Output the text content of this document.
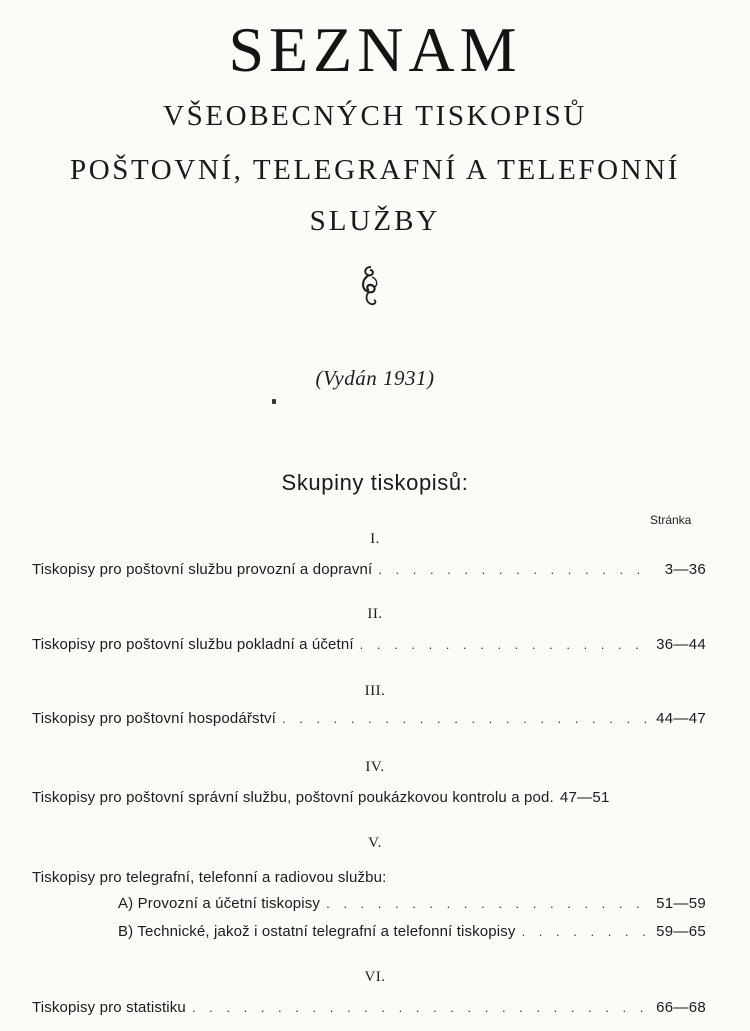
SEZNAM
VŠEOBECNÝCH TISKOPISŮ
POŠTOVNÍ, TELEGRAFNÍ A TELEFONNÍ
SLUŽBY
(Vydán 1931)
Skupiny tiskopisů:
Stránka
I.
Tiskopisy pro poštovní službu provozní a dopravní . . .	3—36
II.
Tiskopisy pro poštovní službu pokladní a účetní . . .	36—44
III.
Tiskopisy pro poštovní hospodářství . . .	44—47
IV.
Tiskopisy pro poštovní správní službu, poštovní poukázkovou kontrolu a pod. 47—51
V.
Tiskopisy pro telegrafní, telefonní a radiovou službu:
A) Provozní a účetní tiskopisy . . .	51—59
B) Technické, jakož i ostatní telegrafní a telefonní tiskopisy . . .	59—65
VI.
Tiskopisy pro statistiku . . .	66—68
